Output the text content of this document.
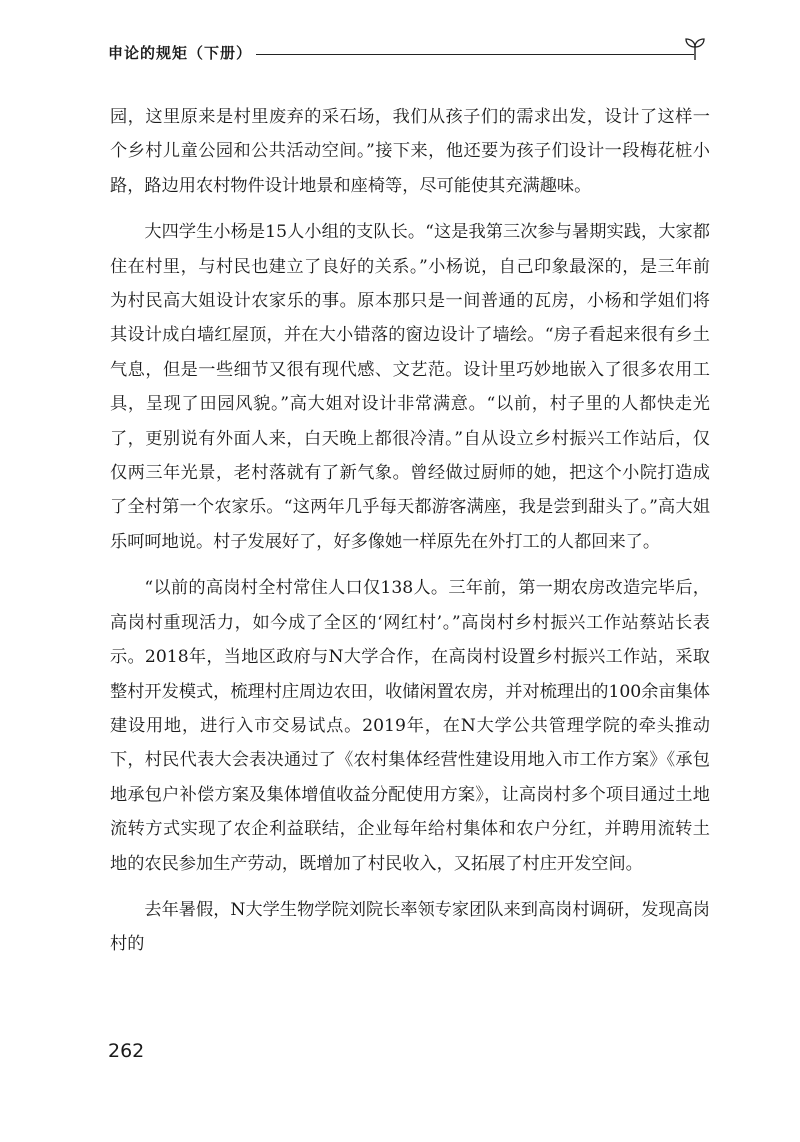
申论的规矩（下册）

园，这里原来是村里废弃的采石场，我们从孩子们的需求出发，设计了这样一个乡村儿童公园和公共活动空间。”接下来，他还要为孩子们设计一段梅花桩小路，路边用农村物件设计地景和座椅等，尽可能使其充满趣味。

大四学生小杨是15人小组的支队长。“这是我第三次参与暑期实践，大家都住在村里，与村民也建立了良好的关系。”小杨说，自己印象最深的，是三年前为村民高大姐设计农家乐的事。原本那只是一间普通的瓦房，小杨和学姐们将其设计成白墙红屋顶，并在大小错落的窗边设计了墙绘。“房子看起来很有乡土气息，但是一些细节又很有现代感、文艺范。设计里巧妙地嵌入了很多农用工具，呈现了田园风貌。”高大姐对设计非常满意。“以前，村子里的人都快走光了，更别说有外面人来，白天晚上都很冷清。”自从设立乡村振兴工作站后，仅仅两三年光景，老村落就有了新气象。曾经做过厨师的她，把这个小院打造成了全村第一个农家乐。“这两年几乎每天都游客满座，我是尝到甜头了。”高大姐乐呵呵地说。村子发展好了，好多像她一样原先在外打工的人都回来了。

“以前的高岗村全村常住人口仅138人。三年前，第一期农房改造完毕后，高岗村重现活力，如今成了全区的‘网红村’。”高岗村乡村振兴工作站蔡站长表示。2018年，当地区政府与N大学合作，在高岗村设置乡村振兴工作站，采取整村开发模式，梳理村庄周边农田，收储闲置农房，并对梳理出的100余亩集体建设用地，进行入市交易试点。2019年，在N大学公共管理学院的牵头推动下，村民代表大会表决通过了《农村集体经营性建设用地入市工作方案》《承包地承包户补偿方案及集体增值收益分配使用方案》，让高岗村多个项目通过土地流转方式实现了农企利益联结，企业每年给村集体和农户分红，并聘用流转土地的农民参加生产劳动，既增加了村民收入，又拓展了村庄开发空间。

去年暑假，N大学生物学院刘院长率领专家团队来到高岗村调研，发现高岗村的

262
